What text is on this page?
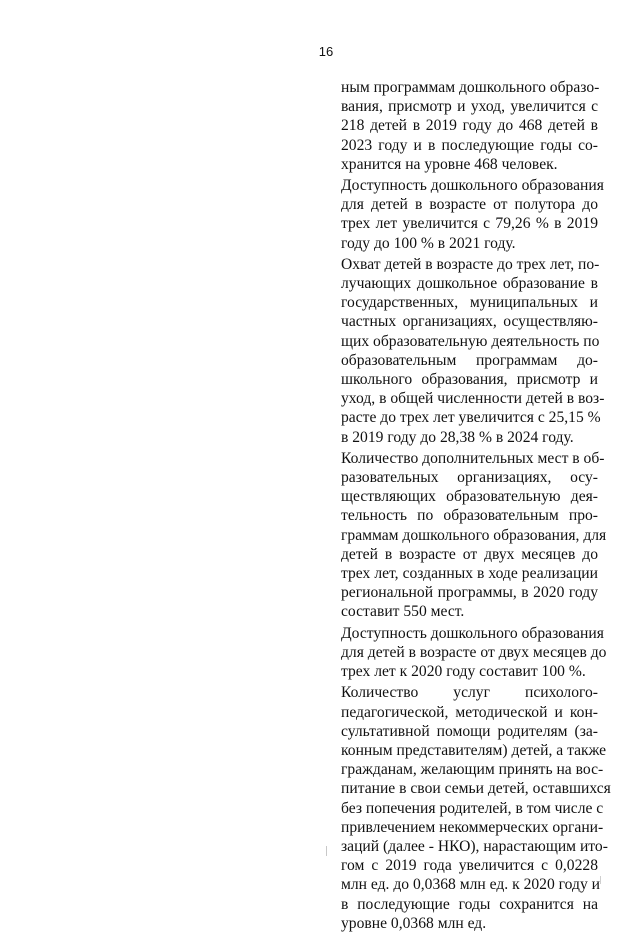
16

ным программам дошкольного образо-
вания, присмотр и уход, увеличится с
218 детей в 2019 году до 468 детей в
2023 году и в последующие годы со-
хранится на уровне 468 человек.

Доступность дошкольного образования
для детей в возрасте от полутора до
трех лет увеличится с 79,26 % в 2019
году до 100 % в 2021 году.

Охват детей в возрасте до трех лет, по-
лучающих дошкольное образование в
государственных, муниципальных и
частных организациях, осуществляю-
щих образовательную деятельность по
образовательным программам до-
школьного образования, присмотр и
уход, в общей численности детей в воз-
расте до трех лет увеличится с 25,15 %
в 2019 году до 28,38 % в 2024 году.

Количество дополнительных мест в об-
разовательных организациях, осу-
ществляющих образовательную дея-
тельность по образовательным про-
граммам дошкольного образования, для
детей в возрасте от двух месяцев до
трех лет, созданных в ходе реализации
региональной программы, в 2020 году
составит 550 мест.

Доступность дошкольного образования
для детей в возрасте от двух месяцев до
трех лет к 2020 году составит 100 %.

Количество услуг психолого-
педагогической, методической и кон-
сультативной помощи родителям (за-
конным представителям) детей, а также
гражданам, желающим принять на вос-
питание в свои семьи детей, оставшихся
без попечения родителей, в том числе с
привлечением некоммерческих органи-
заций (далее - НКО), нарастающим ито-
гом с 2019 года увеличится с 0,0228
млн ед. до 0,0368 млн ед. к 2020 году и
в последующие годы сохранится на
уровне 0,0368 млн ед.
